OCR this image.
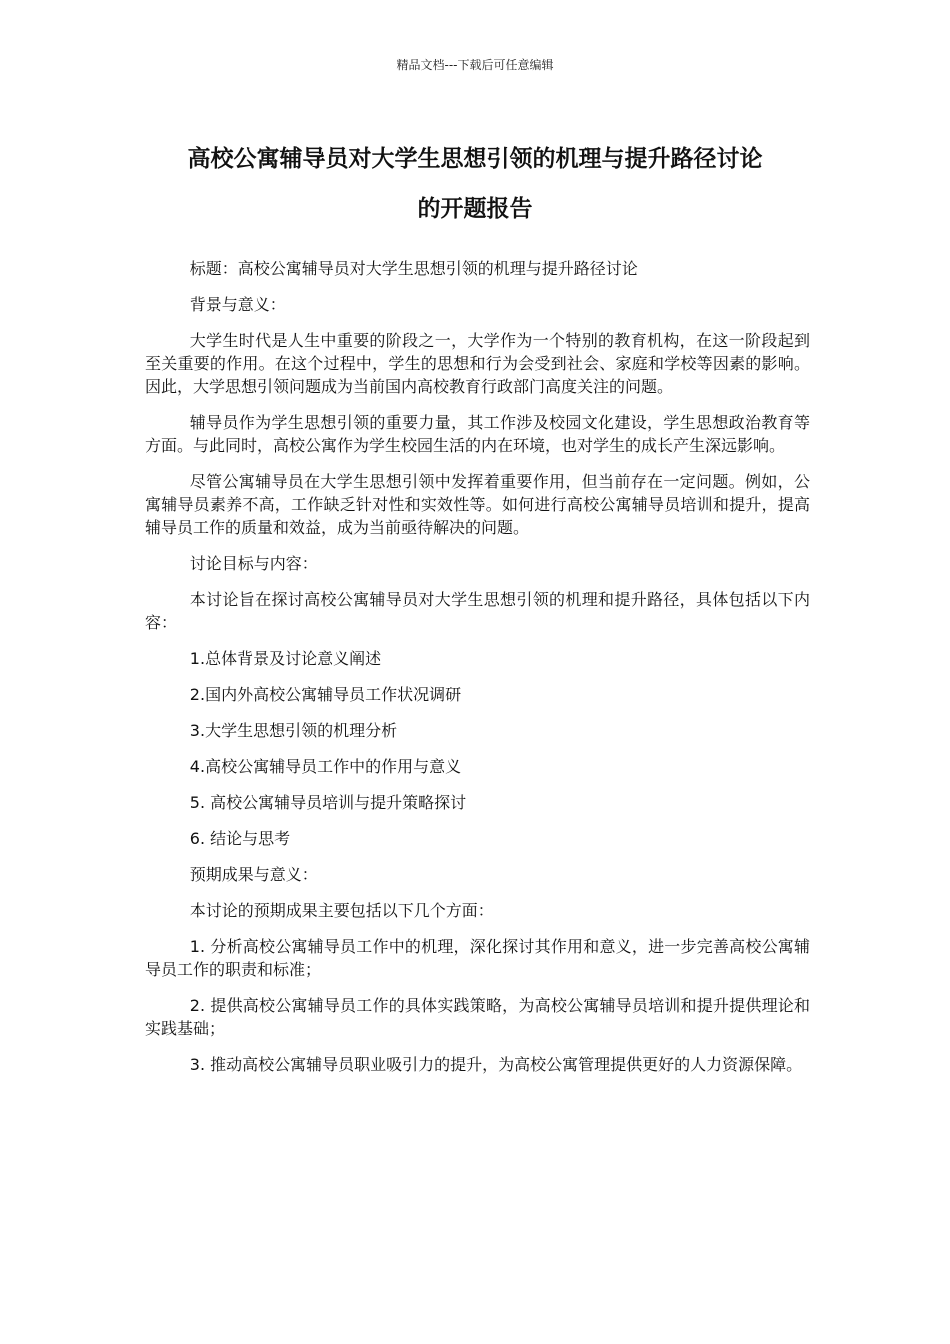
精品文档---下载后可任意编辑
高校公寓辅导员对大学生思想引领的机理与提升路径讨论
的开题报告

标题：高校公寓辅导员对大学生思想引领的机理与提升路径讨论

背景与意义：

大学生时代是人生中重要的阶段之一，大学作为一个特别的教育机构，在这一阶段起到至关重要的作用。在这个过程中，学生的思想和行为会受到社会、家庭和学校等因素的影响。因此，大学思想引领问题成为当前国内高校教育行政部门高度关注的问题。

辅导员作为学生思想引领的重要力量，其工作涉及校园文化建设，学生思想政治教育等方面。与此同时，高校公寓作为学生校园生活的内在环境，也对学生的成长产生深远影响。

尽管公寓辅导员在大学生思想引领中发挥着重要作用，但当前存在一定问题。例如，公寓辅导员素养不高，工作缺乏针对性和实效性等。如何进行高校公寓辅导员培训和提升，提高辅导员工作的质量和效益，成为当前亟待解决的问题。

讨论目标与内容：

本讨论旨在探讨高校公寓辅导员对大学生思想引领的机理和提升路径，具体包括以下内容：

1.总体背景及讨论意义阐述

2.国内外高校公寓辅导员工作状况调研

3.大学生思想引领的机理分析

4.高校公寓辅导员工作中的作用与意义

5. 高校公寓辅导员培训与提升策略探讨

6. 结论与思考

预期成果与意义：

本讨论的预期成果主要包括以下几个方面：

1. 分析高校公寓辅导员工作中的机理，深化探讨其作用和意义，进一步完善高校公寓辅导员工作的职责和标准；

2. 提供高校公寓辅导员工作的具体实践策略，为高校公寓辅导员培训和提升提供理论和实践基础；

3. 推动高校公寓辅导员职业吸引力的提升，为高校公寓管理提供更好的人力资源保障。
